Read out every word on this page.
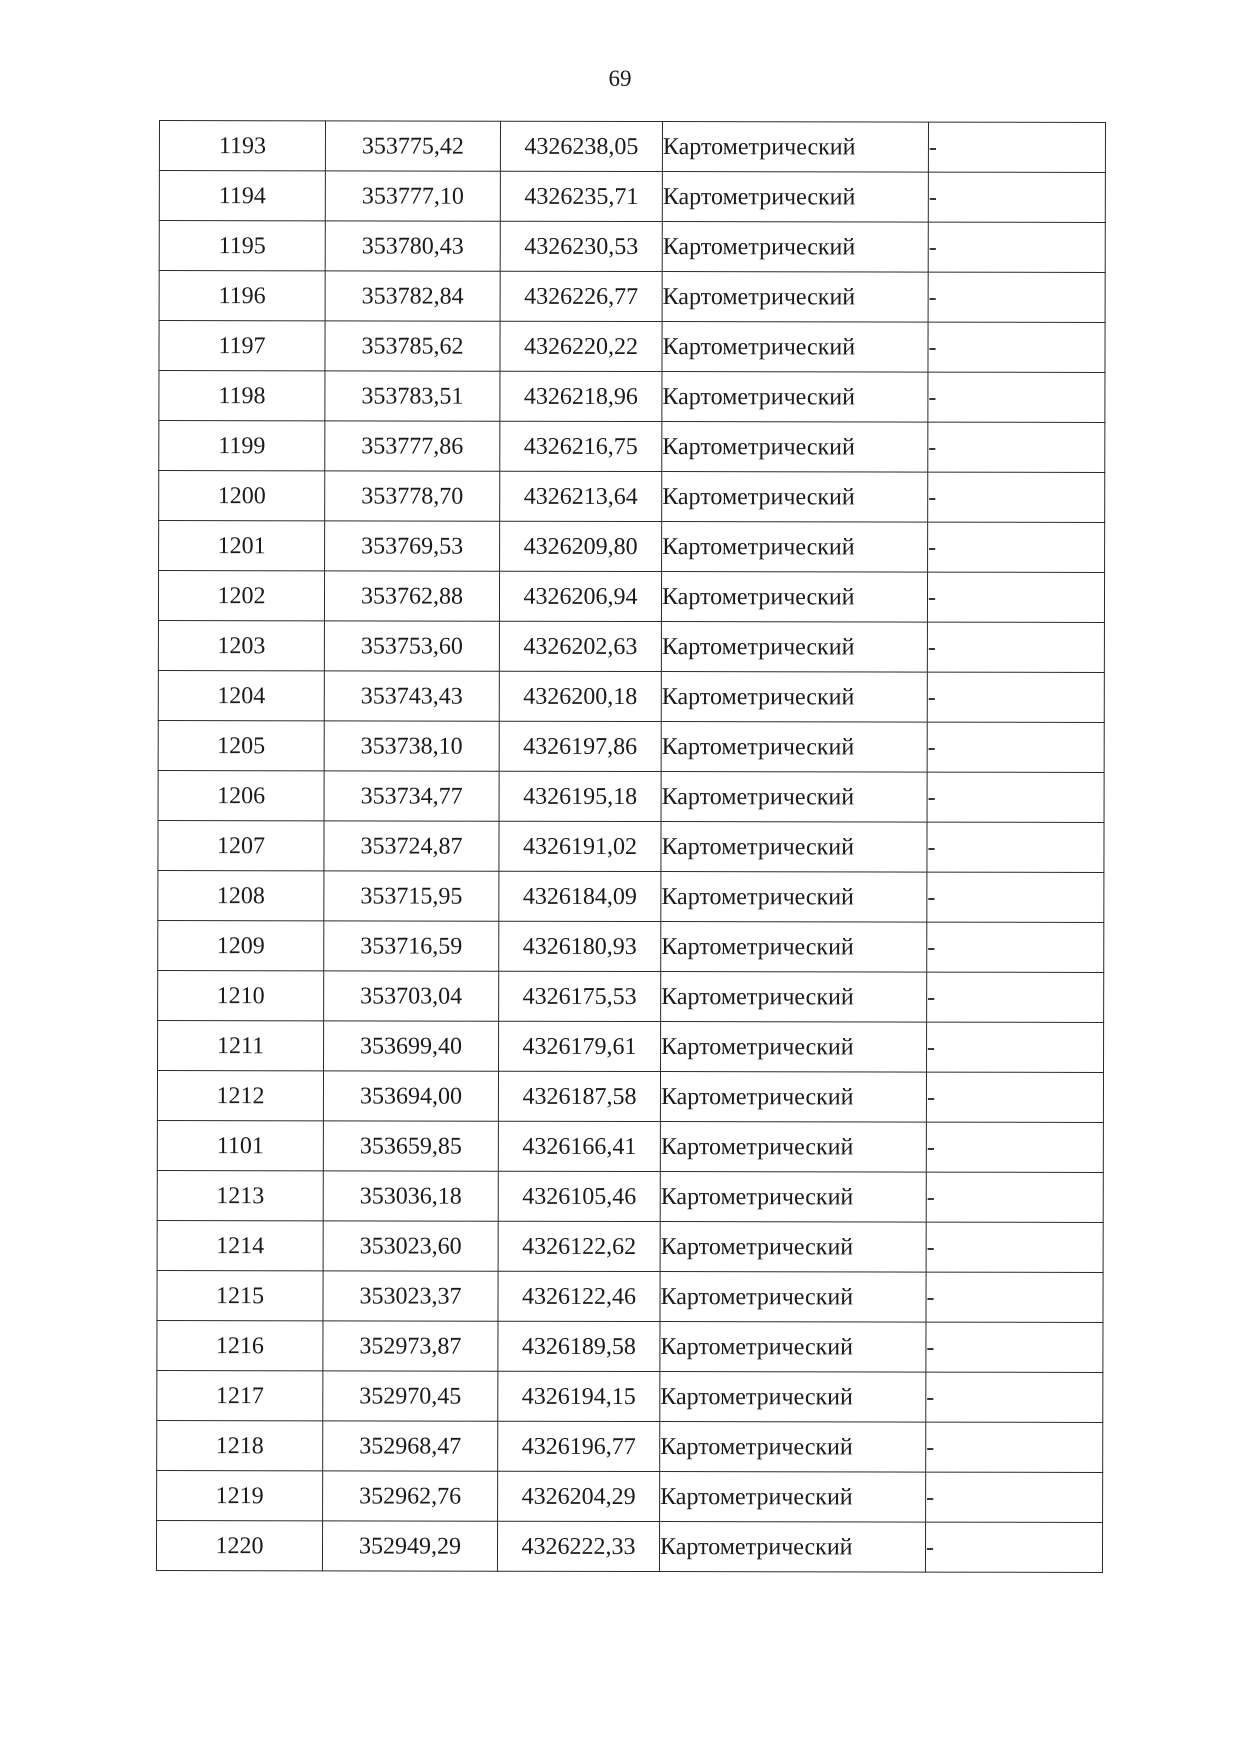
69
1193	353775,42	4326238,05	Картометрический	-
1194	353777,10	4326235,71	Картометрический	-
1195	353780,43	4326230,53	Картометрический	-
1196	353782,84	4326226,77	Картометрический	-
1197	353785,62	4326220,22	Картометрический	-
1198	353783,51	4326218,96	Картометрический	-
1199	353777,86	4326216,75	Картометрический	-
1200	353778,70	4326213,64	Картометрический	-
1201	353769,53	4326209,80	Картометрический	-
1202	353762,88	4326206,94	Картометрический	-
1203	353753,60	4326202,63	Картометрический	-
1204	353743,43	4326200,18	Картометрический	-
1205	353738,10	4326197,86	Картометрический	-
1206	353734,77	4326195,18	Картометрический	-
1207	353724,87	4326191,02	Картометрический	-
1208	353715,95	4326184,09	Картометрический	-
1209	353716,59	4326180,93	Картометрический	-
1210	353703,04	4326175,53	Картометрический	-
1211	353699,40	4326179,61	Картометрический	-
1212	353694,00	4326187,58	Картометрический	-
1101	353659,85	4326166,41	Картометрический	-
1213	353036,18	4326105,46	Картометрический	-
1214	353023,60	4326122,62	Картометрический	-
1215	353023,37	4326122,46	Картометрический	-
1216	352973,87	4326189,58	Картометрический	-
1217	352970,45	4326194,15	Картометрический	-
1218	352968,47	4326196,77	Картометрический	-
1219	352962,76	4326204,29	Картометрический	-
1220	352949,29	4326222,33	Картометрический	-
